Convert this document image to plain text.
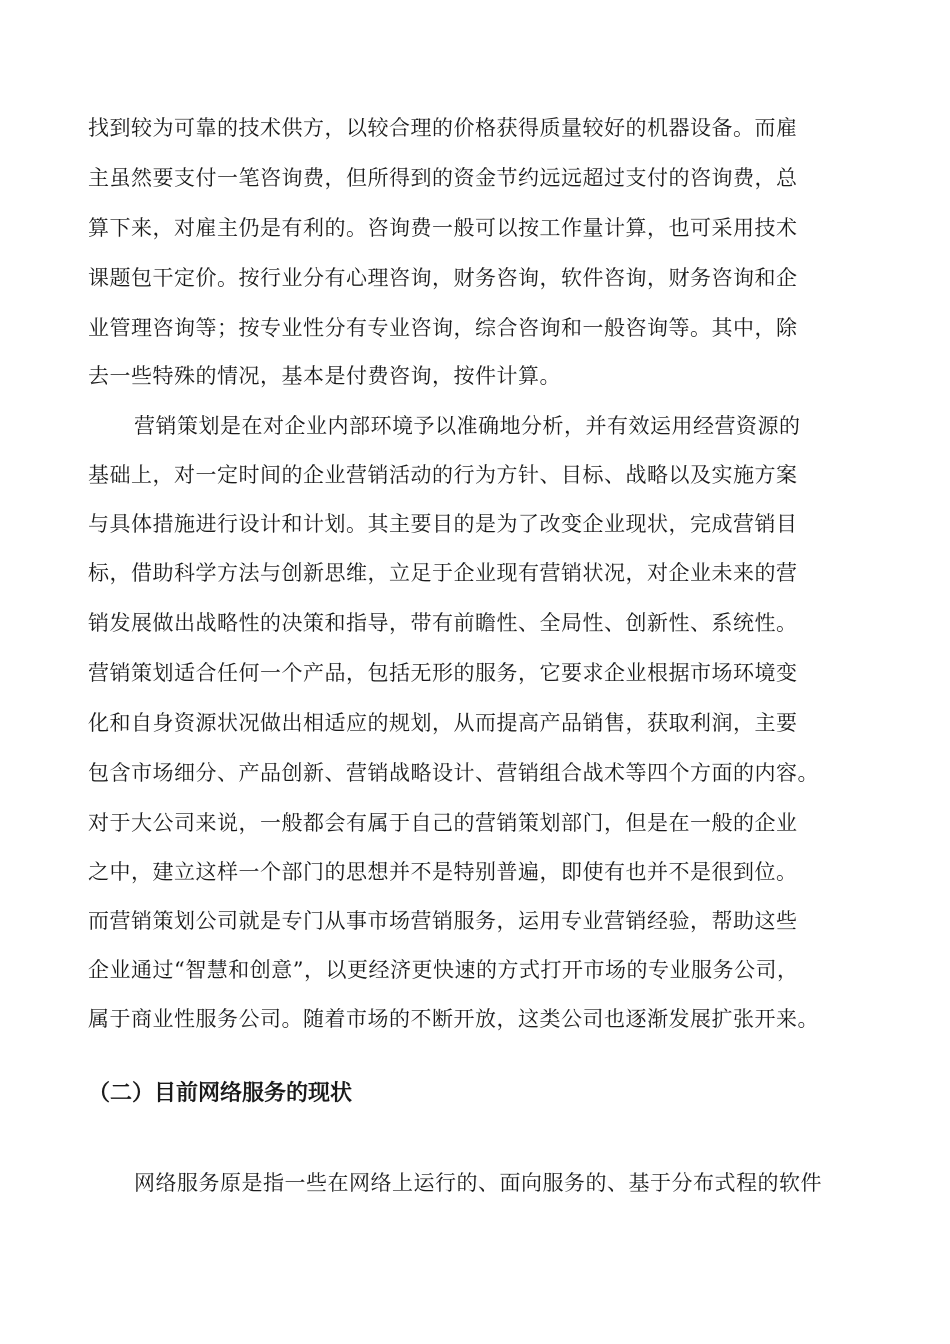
找到较为可靠的技术供方，以较合理的价格获得质量较好的机器设备。而雇
主虽然要支付一笔咨询费，但所得到的资金节约远远超过支付的咨询费，总
算下来，对雇主仍是有利的。咨询费一般可以按工作量计算，也可采用技术
课题包干定价。按行业分有心理咨询，财务咨询，软件咨询，财务咨询和企
业管理咨询等；按专业性分有专业咨询，综合咨询和一般咨询等。其中，除
去一些特殊的情况，基本是付费咨询，按件计算。
营销策划是在对企业内部环境予以准确地分析，并有效运用经营资源的
基础上，对一定时间的企业营销活动的行为方针、目标、战略以及实施方案
与具体措施进行设计和计划。其主要目的是为了改变企业现状，完成营销目
标，借助科学方法与创新思维，立足于企业现有营销状况，对企业未来的营
销发展做出战略性的决策和指导，带有前瞻性、全局性、创新性、系统性。
营销策划适合任何一个产品，包括无形的服务，它要求企业根据市场环境变
化和自身资源状况做出相适应的规划，从而提高产品销售，获取利润，主要
包含市场细分、产品创新、营销战略设计、营销组合战术等四个方面的内容。
对于大公司来说，一般都会有属于自己的营销策划部门，但是在一般的企业
之中，建立这样一个部门的思想并不是特别普遍，即使有也并不是很到位。
而营销策划公司就是专门从事市场营销服务，运用专业营销经验，帮助这些
企业通过“智慧和创意”，以更经济更快速的方式打开市场的专业服务公司，
属于商业性服务公司。随着市场的不断开放，这类公司也逐渐发展扩张开来。
（二）目前网络服务的现状
网络服务原是指一些在网络上运行的、面向服务的、基于分布式程的软件
